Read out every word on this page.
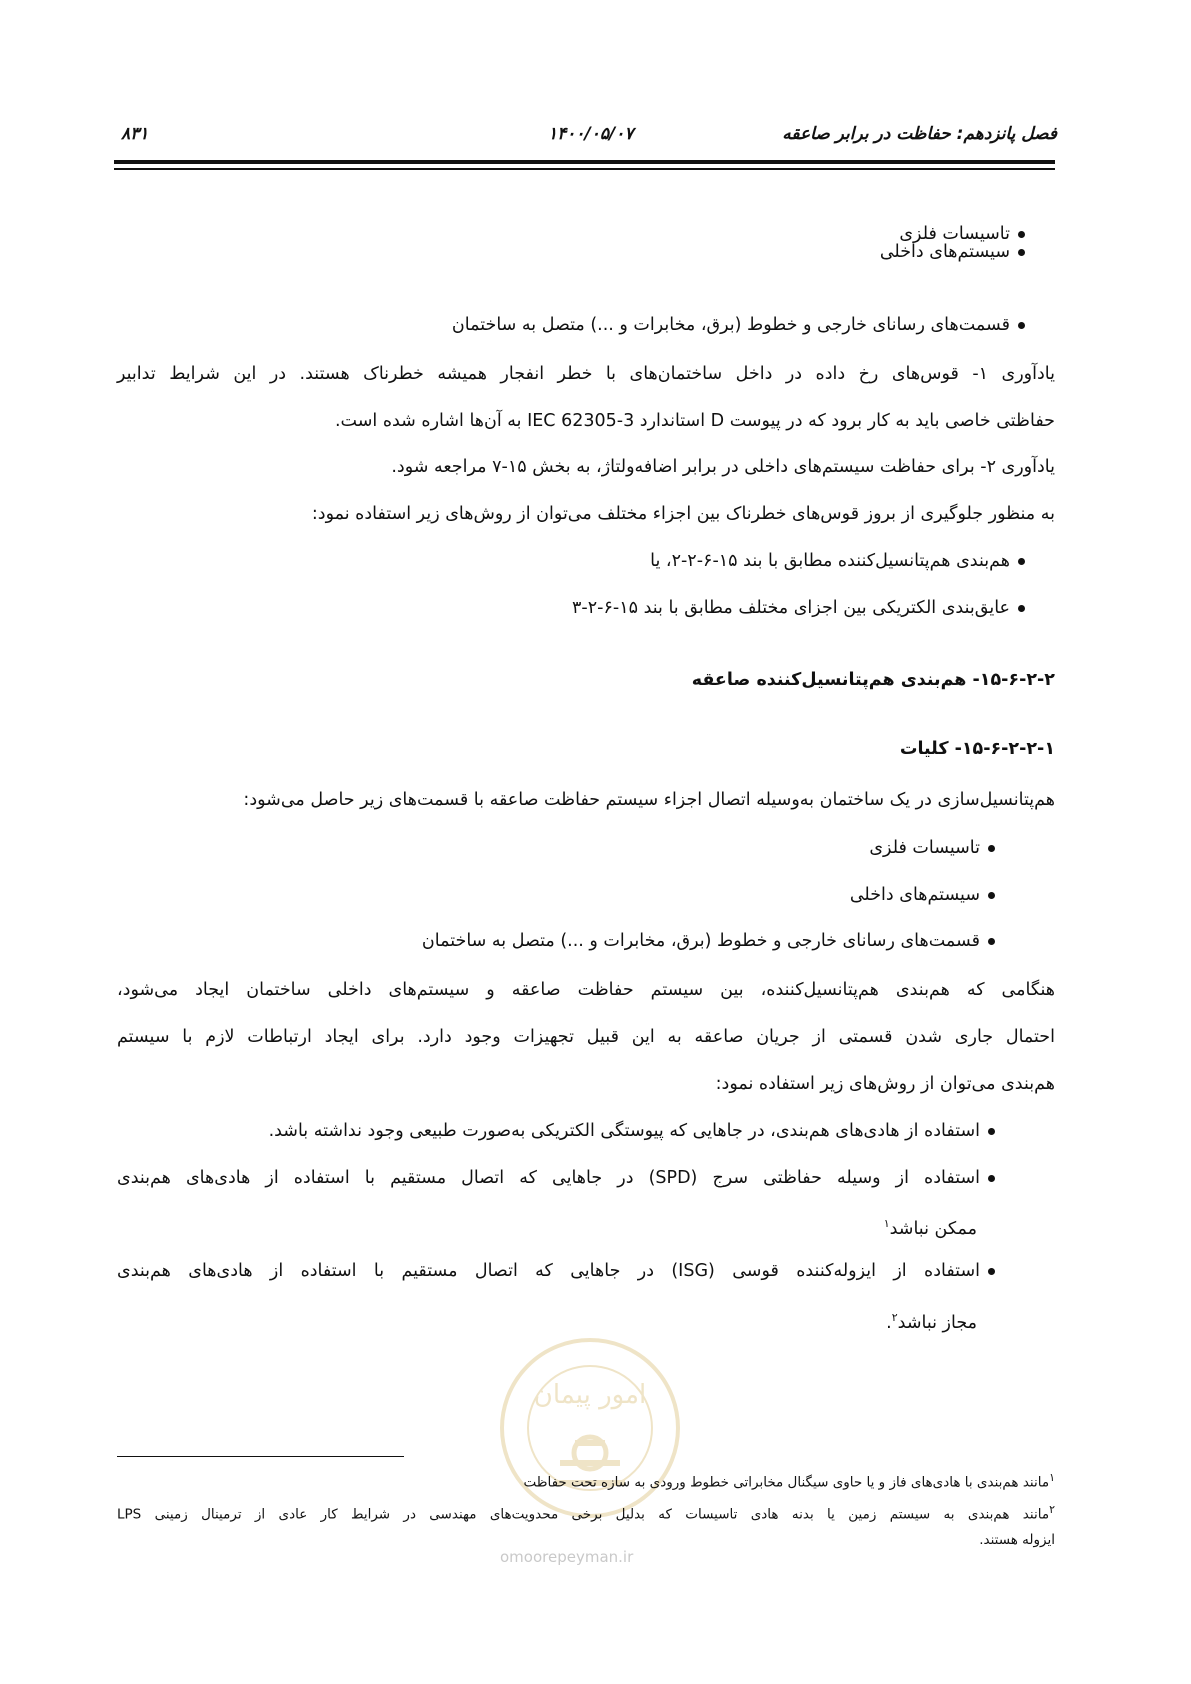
فصل پانزدهم: حفاظت در برابر صاعقه
۱۴۰۰/۰۵/۰۷
۸۳۱
تاسیسات فلزی
سیستم‌های داخلی
قسمت‌های رسانای خارجی و خطوط (برق، مخابرات و ...) متصل به ساختمان
یادآوری ۱- قوس‌های رخ داده در داخل ساختمان‌های با خطر انفجار همیشه خطرناک هستند. در این شرایط تدابیر
حفاظتی خاصی باید به کار برود که در پیوست D استاندارد IEC 62305-3 به آن‌ها اشاره شده است.
یادآوری ۲- برای حفاظت سیستم‌های داخلی در برابر اضافه‌ولتاژ، به بخش ۱۵-۷ مراجعه شود.
به منظور جلوگیری از بروز قوس‌های خطرناک بین اجزاء مختلف می‌توان از روش‌های زیر استفاده نمود:
هم‌بندی هم‌پتانسیل‌کننده مطابق با بند ۱۵-۶-۲-۲، یا
عایق‌بندی الکتریکی بین اجزای مختلف مطابق با بند ۱۵-۶-۲-۳
۱۵-۶-۲-۲- هم‌بندی هم‌پتانسیل‌کننده صاعقه
۱۵-۶-۲-۲-۱- کلیات
هم‌پتانسیل‌سازی در یک ساختمان به‌وسیله اتصال اجزاء سیستم حفاظت صاعقه با قسمت‌های زیر حاصل می‌شود:
تاسیسات فلزی
سیستم‌های داخلی
قسمت‌های رسانای خارجی و خطوط (برق، مخابرات و ...) متصل به ساختمان
هنگامی که هم‌بندی هم‌پتانسیل‌کننده، بین سیستم حفاظت صاعقه و سیستم‌های داخلی ساختمان ایجاد می‌شود،
احتمال جاری شدن قسمتی از جریان صاعقه به این قبیل تجهیزات وجود دارد. برای ایجاد ارتباطات لازم با سیستم
هم‌بندی می‌توان از روش‌های زیر استفاده نمود:
استفاده از هادی‌های هم‌بندی، در جاهایی که پیوستگی الکتریکی به‌صورت طبیعی وجود نداشته باشد.
استفاده از وسیله حفاظتی سرج (SPD) در جاهایی که اتصال مستقیم با استفاده از هادی‌های هم‌بندی
ممکن نباشد$^۱$
استفاده از ایزوله‌کننده قوسی (ISG) در جاهایی که اتصال مستقیم با استفاده از هادی‌های هم‌بندی
مجاز نباشد$^۲$.
امور پیمان
omoorepeyman.ir
$^۱$مانند هم‌بندی با هادی‌های فاز و یا حاوی سیگنال مخابراتی خطوط ورودی به سازه تحت حفاظت
$^۲$مانند هم‌بندی به سیستم زمین یا بدنه هادی تاسیسات که بدلیل برخی محدویت‌های مهندسی در شرایط کار عادی از ترمینال زمینی LPS
ایزوله هستند.
